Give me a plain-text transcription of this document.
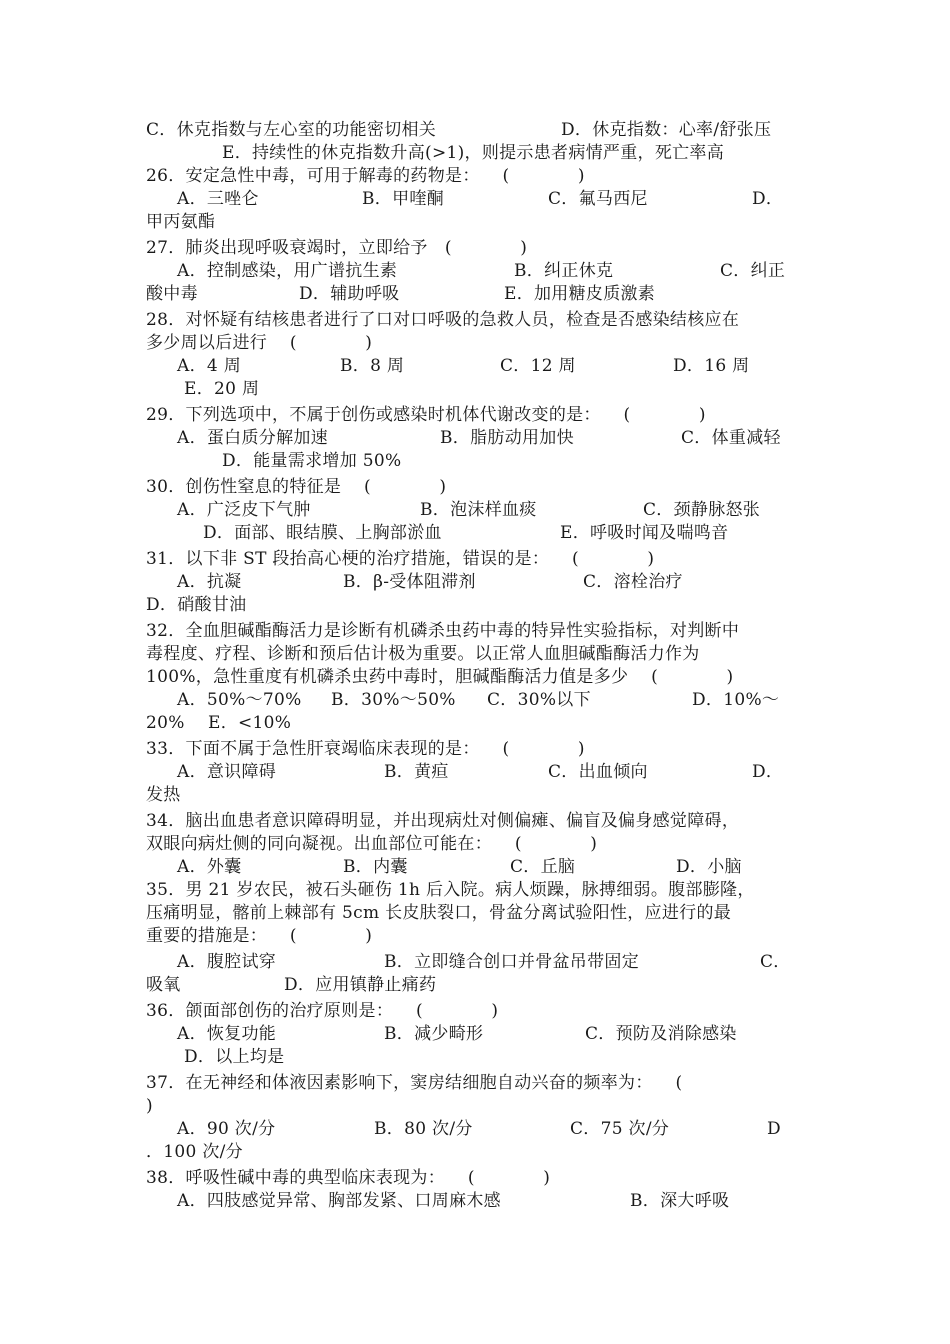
C．休克指数与左心室的功能密切相关	D．休克指数：心率/舒张压
E．持续性的休克指数升高(>1)，则提示患者病情严重，死亡率高
26．安定急性中毒，可用于解毒的药物是：    (            )
A．三唑仑	B．甲喹酮	C．氟马西尼	D．
甲丙氨酯
27．肺炎出现呼吸衰竭时，立即给予   (            )
A．控制感染，用广谱抗生素	B．纠正休克	C．纠正
酸中毒	D．辅助呼吸	E．加用糖皮质激素
28．对怀疑有结核患者进行了口对口呼吸的急救人员，检查是否感染结核应在
多少周以后进行    (            )
A．4 周	B．8 周	C．12 周	D．16 周
E．20 周
29．下列选项中，不属于创伤或感染时机体代谢改变的是：    (            )
A．蛋白质分解加速	B．脂肪动用加快	C．体重减轻
D．能量需求增加 50%
30．创伤性窒息的特征是    (            )
A．广泛皮下气肿	B．泡沫样血痰	C．颈静脉怒张
D．面部、眼结膜、上胸部淤血	E．呼吸时闻及喘鸣音
31．以下非 ST 段抬高心梗的治疗措施，错误的是：    (            )
A．抗凝	B．β-受体阻滞剂	C．溶栓治疗
D．硝酸甘油
32．全血胆碱酯酶活力是诊断有机磷杀虫药中毒的特异性实验指标，对判断中
毒程度、疗程、诊断和预后估计极为重要。以正常人血胆碱酯酶活力作为
100%，急性重度有机磷杀虫药中毒时，胆碱酯酶活力值是多少    (            )
A．50%～70% B．30%～50% C．30%以下	D．10%～
20% E．<10%
33．下面不属于急性肝衰竭临床表现的是：    (            )
A．意识障碍	B．黄疸	C．出血倾向	D．
发热
34．脑出血患者意识障碍明显，并出现病灶对侧偏瘫、偏盲及偏身感觉障碍，
双眼向病灶侧的同向凝视。出血部位可能在：    (            )
A．外囊	B．内囊	C．丘脑	D．小脑
35．男 21 岁农民，被石头砸伤 1h 后入院。病人烦躁，脉搏细弱。腹部膨隆，
压痛明显，髂前上棘部有 5cm 长皮肤裂口，骨盆分离试验阳性，应进行的最
重要的措施是：    (            )
A．腹腔试穿	B．立即缝合创口并骨盆吊带固定	C．
吸氧	D．应用镇静止痛药
36．颌面部创伤的治疗原则是：    (            )
A．恢复功能	B．减少畸形	C．预防及消除感染
D．以上均是
37．在无神经和体液因素影响下，窦房结细胞自动兴奋的频率为：    (
)
A．90 次/分	B．80 次/分	C．75 次/分	D
．100 次/分
38．呼吸性碱中毒的典型临床表现为：    (            )
A．四肢感觉异常、胸部发紧、口周麻木感	B．深大呼吸
